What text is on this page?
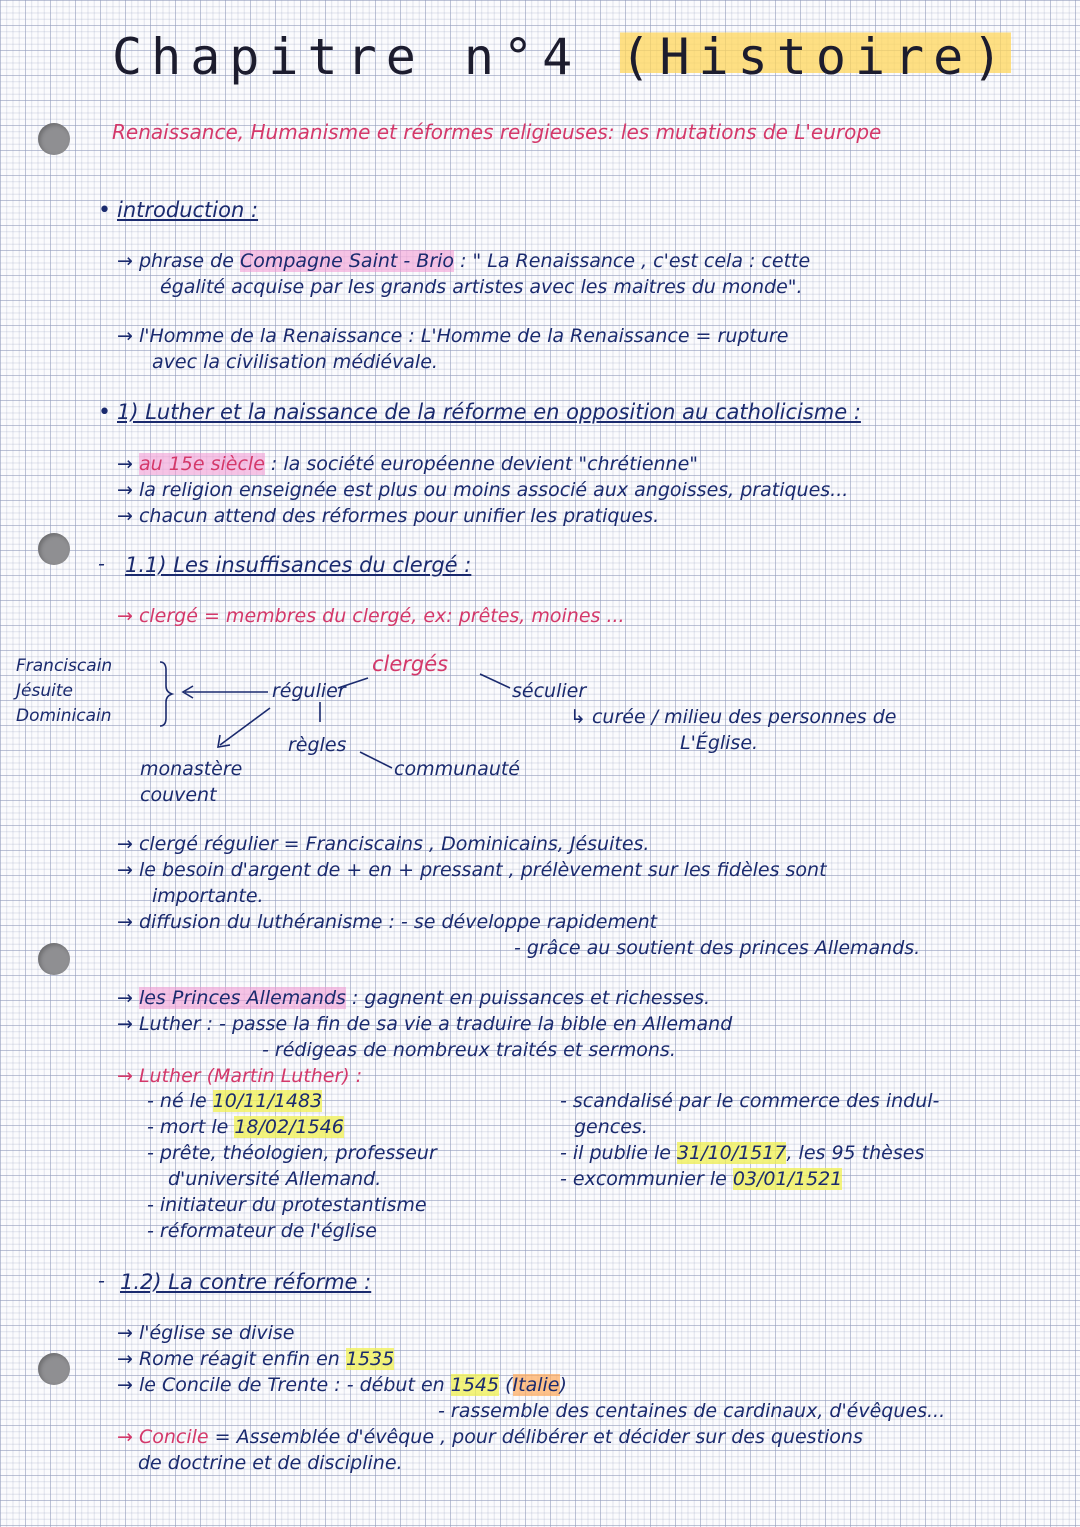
Chapitre n°4 (Histoire)
Renaissance, Humanisme et réformes religieuses: les mutations de L'europe
• introduction :
→ phrase de Compagne Saint - Brio : " La Renaissance , c'est cela : cette
égalité acquise par les grands artistes avec les maitres du monde".
→ l'Homme de la Renaissance : L'Homme de la Renaissance = rupture
avec la civilisation médiévale.
• 1) Luther et la naissance de la réforme en opposition au catholicisme :
→ au 15e siècle : la société européenne devient "chrétienne"
→ la religion enseignée est plus ou moins associé aux angoisses, pratiques...
→ chacun attend des réformes pour unifier les pratiques.
- 1.1) Les insuffisances du clergé :
→ clergé = membres du clergé, ex: prêtes, moines ...
Franciscain
Jésuite
Dominicain
clergés
régulier	séculier
↳ curée / milieu des personnes de
L'Église.
règles
monastère
couvent
communauté
→ clergé régulier = Franciscains , Dominicains, Jésuites.
→ le besoin d'argent de + en + pressant , prélèvement sur les fidèles sont
importante.
→ diffusion du luthéranisme : - se développe rapidement
- grâce au soutient des princes Allemands.
→ les Princes Allemands : gagnent en puissances et richesses.
→ Luther : - passe la fin de sa vie a traduire la bible en Allemand
- rédigeas de nombreux traités et sermons.
→ Luther (Martin Luther) :
- né le 10/11/1483
- mort le 18/02/1546
- prête, théologien, professeur
d'université Allemand.
- initiateur du protestantisme
- réformateur de l'église
- scandalisé par le commerce des indul-
gences.
- il publie le 31/10/1517, les 95 thèses
- excommunier le 03/01/1521
- 1.2) La contre réforme :
→ l'église se divise
→ Rome réagit enfin en 1535
→ le Concile de Trente : - début en 1545 (Italie)
- rassemble des centaines de cardinaux, d'évêques...
→ Concile = Assemblée d'évêque , pour délibérer et décider sur des questions
de doctrine et de discipline.
